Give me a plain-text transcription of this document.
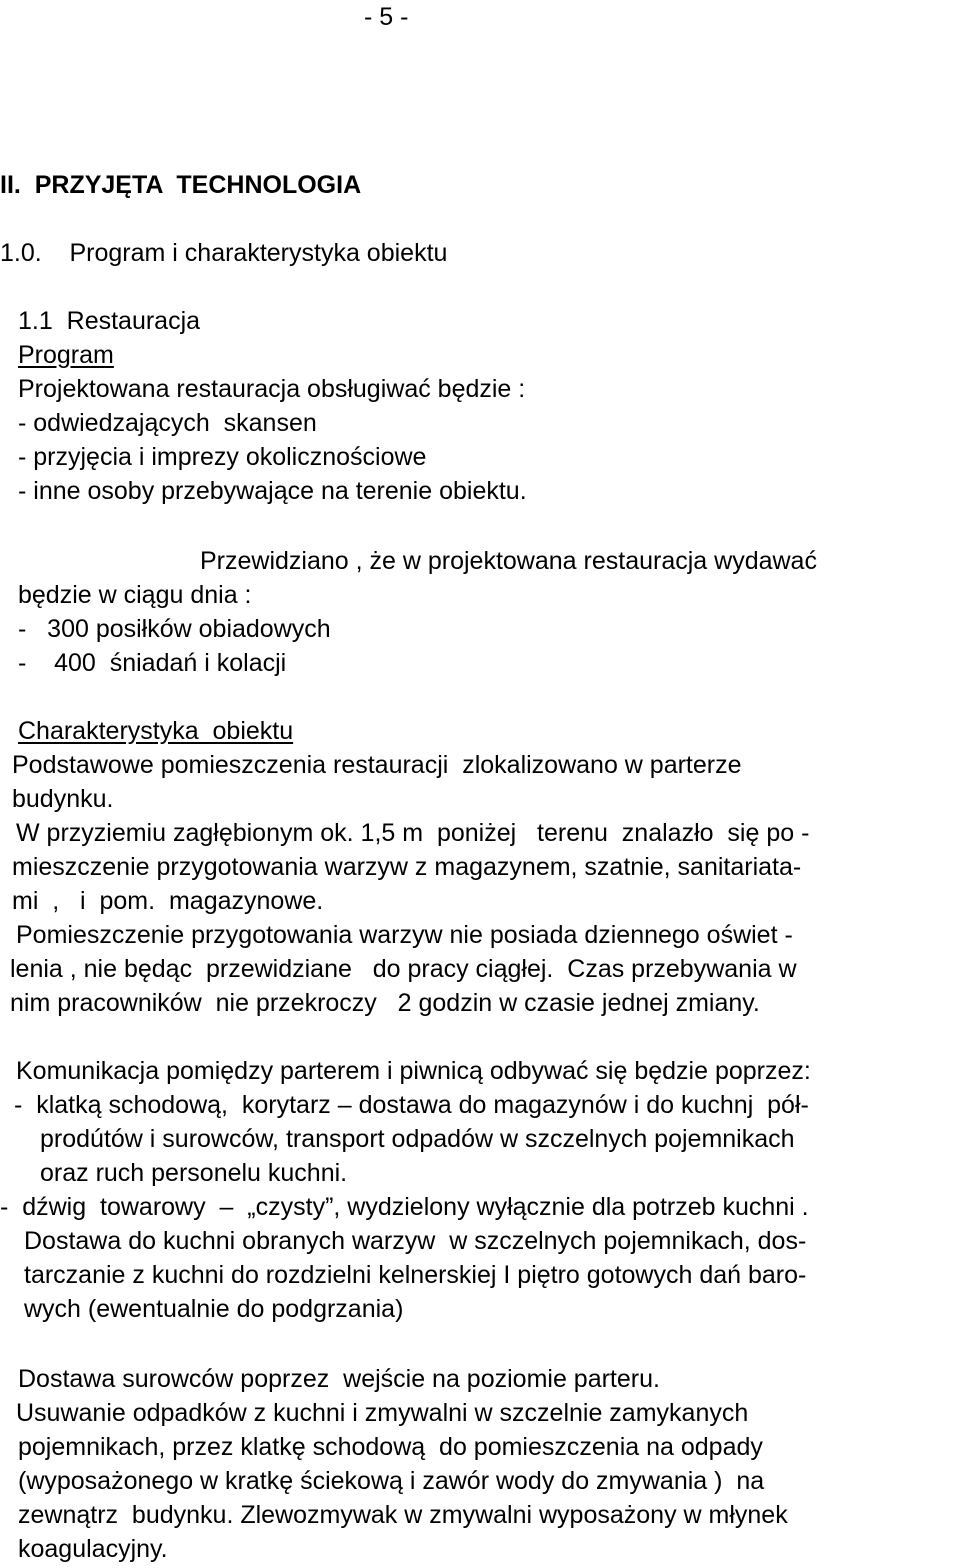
- 5 -
II.  PRZYJĘTA  TECHNOLOGIA
1.0.    Program i charakterystyka obiektu
1.1  Restauracja
Program
Projektowana restauracja obsługiwać będzie :
- odwiedzających  skansen
- przyjęcia i imprezy okolicznościowe
- inne osoby przebywające na terenie obiektu.
Przewidziano , że w projektowana restauracja wydawać
będzie w ciągu dnia :
-   300 posiłków obiadowych
-    400  śniadań i kolacji
Charakterystyka  obiektu
Podstawowe pomieszczenia restauracji  zlokalizowano w parterze
budynku.
W przyziemiu zagłębionym ok. 1,5 m  poniżej   terenu  znalazło  się po -
mieszczenie przygotowania warzyw z magazynem, szatnie, sanitariata-
mi  ,   i  pom.  magazynowe.
Pomieszczenie przygotowania warzyw nie posiada dziennego oświet -
lenia , nie będąc  przewidziane   do pracy ciągłej.  Czas przebywania w
nim pracowników  nie przekroczy   2 godzin w czasie jednej zmiany.
Komunikacja pomiędzy parterem i piwnicą odbywać się będzie poprzez:
-  klatką schodową,  korytarz – dostawa do magazynów i do kuchnj  pół-
prodútów i surowców, transport odpadów w szczelnych pojemnikach
oraz ruch personelu kuchni.
-  dźwig  towarowy  –  „czysty”, wydzielony wyłącznie dla potrzeb kuchni .
Dostawa do kuchni obranych warzyw  w szczelnych pojemnikach, dos-
tarczanie z kuchni do rozdzielni kelnerskiej I piętro gotowych dań baro-
wych (ewentualnie do podgrzania)
Dostawa surowców poprzez  wejście na poziomie parteru.
Usuwanie odpadków z kuchni i zmywalni w szczelnie zamykanych
pojemnikach, przez klatkę schodową  do pomieszczenia na odpady
(wyposażonego w kratkę ściekową i zawór wody do zmywania )  na
zewnątrz  budynku. Zlewozmywak w zmywalni wyposażony w młynek
koagulacyjny.
